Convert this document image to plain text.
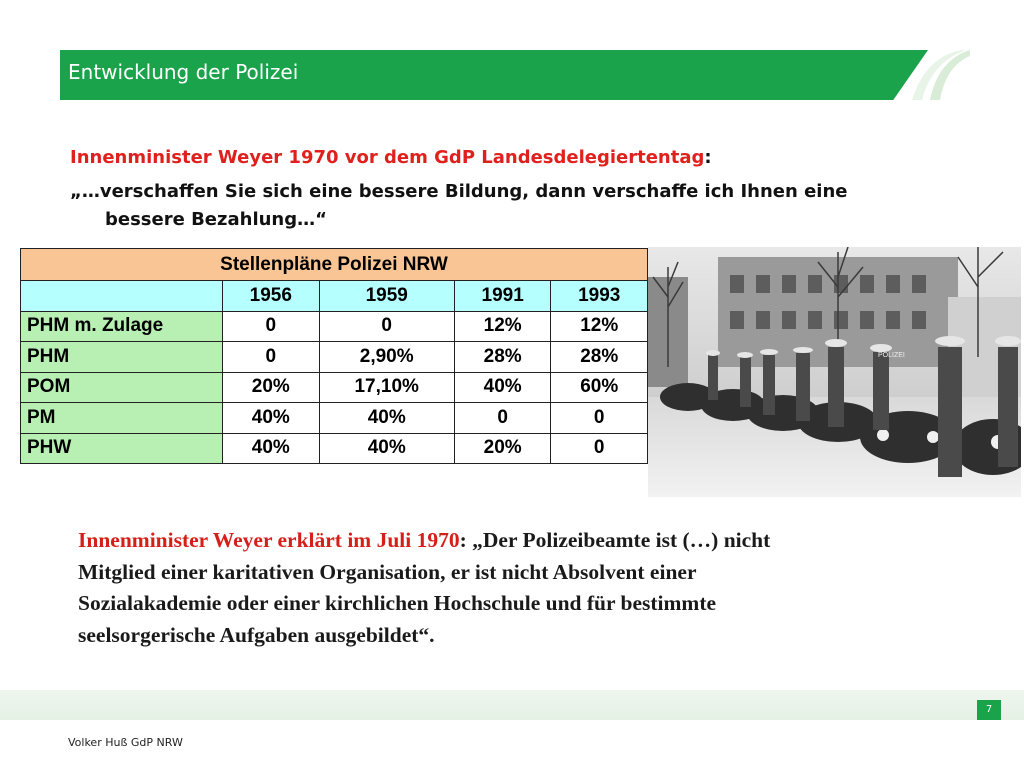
Entwicklung der Polizei
Innenminister Weyer 1970 vor dem GdP Landesdelegiertentag:
„…verschaffen Sie sich eine bessere Bildung, dann verschaffe ich Ihnen eine
bessere Bezahlung…“
Stellenpläne Polizei NRW				
	1956	1959	1991	1993
PHM m. Zulage	0	0	12%	12%
PHM	0	2,90%	28%	28%
POM	20%	17,10%	40%	60%
PM	40%	40%	0	0
PHW	40%	40%	20%	0
POLIZEI
Innenminister Weyer erklärt im Juli 1970: „Der Polizeibeamte ist (…) nicht Mitglied einer karitativen Organisation, er ist nicht Absolvent einer Sozialakademie oder einer kirchlichen Hochschule und für bestimmte seelsorgerische Aufgaben ausgebildet“.
7
Volker Huß GdP NRW
